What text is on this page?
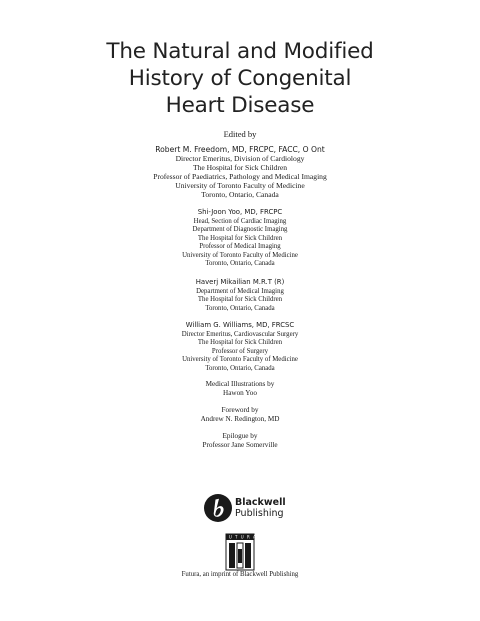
The Natural and Modified
History of Congenital
Heart Disease
Edited by
Robert M. Freedom, MD, FRCPC, FACC, O Ont
Director Emeritus, Division of Cardiology
The Hospital for Sick Children
Professor of Paediatrics, Pathology and Medical Imaging
University of Toronto Faculty of Medicine
Toronto, Ontario, Canada
Shi-Joon Yoo, MD, FRCPC
Head, Section of Cardiac Imaging
Department of Diagnostic Imaging
The Hospital for Sick Children
Professor of Medical Imaging
University of Toronto Faculty of Medicine
Toronto, Ontario, Canada
Haverj Mikailian M.R.T (R)
Department of Medical Imaging
The Hospital for Sick Children
Toronto, Ontario, Canada
William G. Williams, MD, FRCSC
Director Emeritus, Cardiovascular Surgery
The Hospital for Sick Children
Professor of Surgery
University of Toronto Faculty of Medicine
Toronto, Ontario, Canada
Medical Illustrations by
Hawon Yoo
Foreword by
Andrew N. Redington, MD
Epilogue by
Professor Jane Somerville
Blackwell
Publishing
F U T U R A
Futura, an imprint of Blackwell Publishing
